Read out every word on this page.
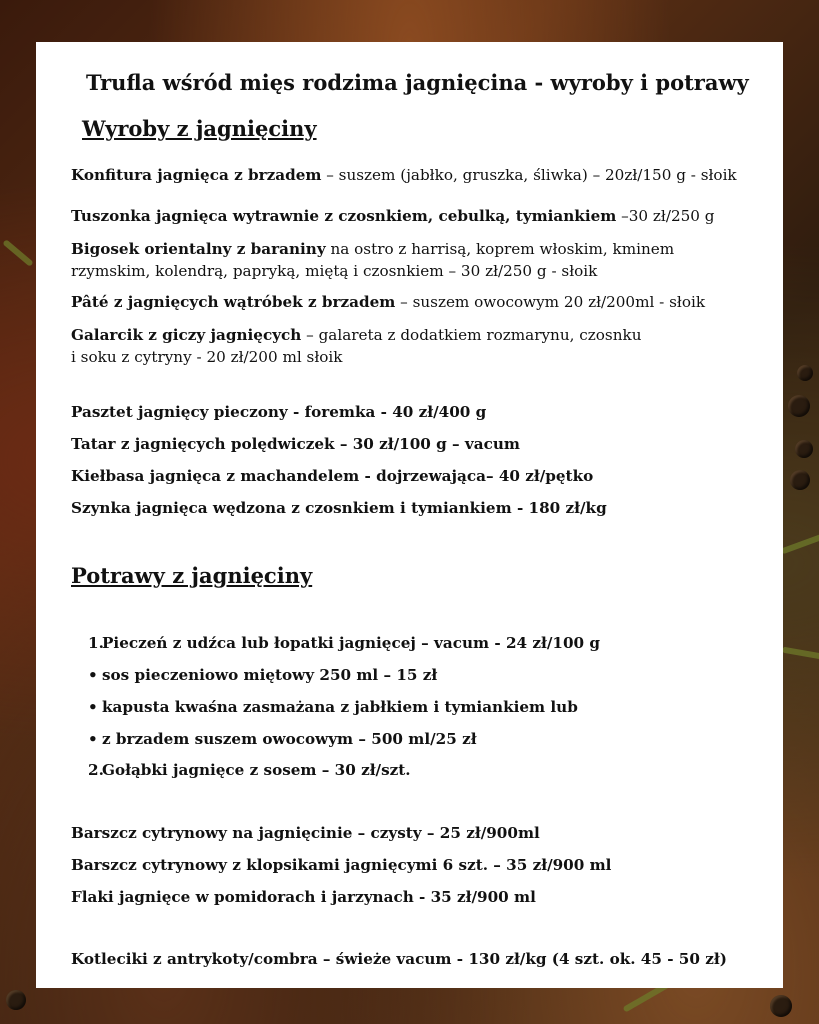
Trufla wśród mięs rodzima jagnięcina - wyroby i potrawy
Wyroby z jagnięciny
Konfitura jagnięca z brzadem – suszem (jabłko, gruszka, śliwka) – 20zł/150 g - słoik
Tuszonka jagnięca wytrawnie z czosnkiem, cebulką, tymiankiem –30 zł/250 g
Bigosek orientalny z baraniny na ostro z harrisą, koprem włoskim, kminem
rzymskim, kolendrą, papryką, miętą i czosnkiem – 30 zł/250 g - słoik
Pâté z jagnięcych wątróbek z brzadem – suszem owocowym 20 zł/200ml - słoik
Galarcik z giczy jagnięcych – galareta z dodatkiem rozmarynu, czosnku
i soku z cytryny - 20 zł/200 ml słoik
Pasztet jagnięcy pieczony - foremka - 40 zł/400 g
Tatar z jagnięcych polędwiczek – 30 zł/100 g – vacum
Kiełbasa jagnięca z machandelem - dojrzewająca– 40 zł/pętko
Szynka jagnięca wędzona z czosnkiem i tymiankiem - 180 zł/kg
Potrawy z jagnięciny
1.Pieczeń z udźca lub łopatki jagnięcej – vacum - 24 zł/100 g
• sos pieczeniowo miętowy 250 ml – 15 zł
• kapusta kwaśna zasmażana z jabłkiem i tymiankiem lub
• z brzadem suszem owocowym – 500 ml/25 zł
2.Gołąbki jagnięce z sosem – 30 zł/szt.
Barszcz cytrynowy na jagnięcinie – czysty – 25 zł/900ml
Barszcz cytrynowy z klopsikami jagnięcymi 6 szt. – 35 zł/900 ml
Flaki jagnięce w pomidorach i jarzynach - 35 zł/900 ml
Kotleciki z antrykoty/combra – świeże vacum - 130 zł/kg (4 szt. ok. 45 - 50 zł)
